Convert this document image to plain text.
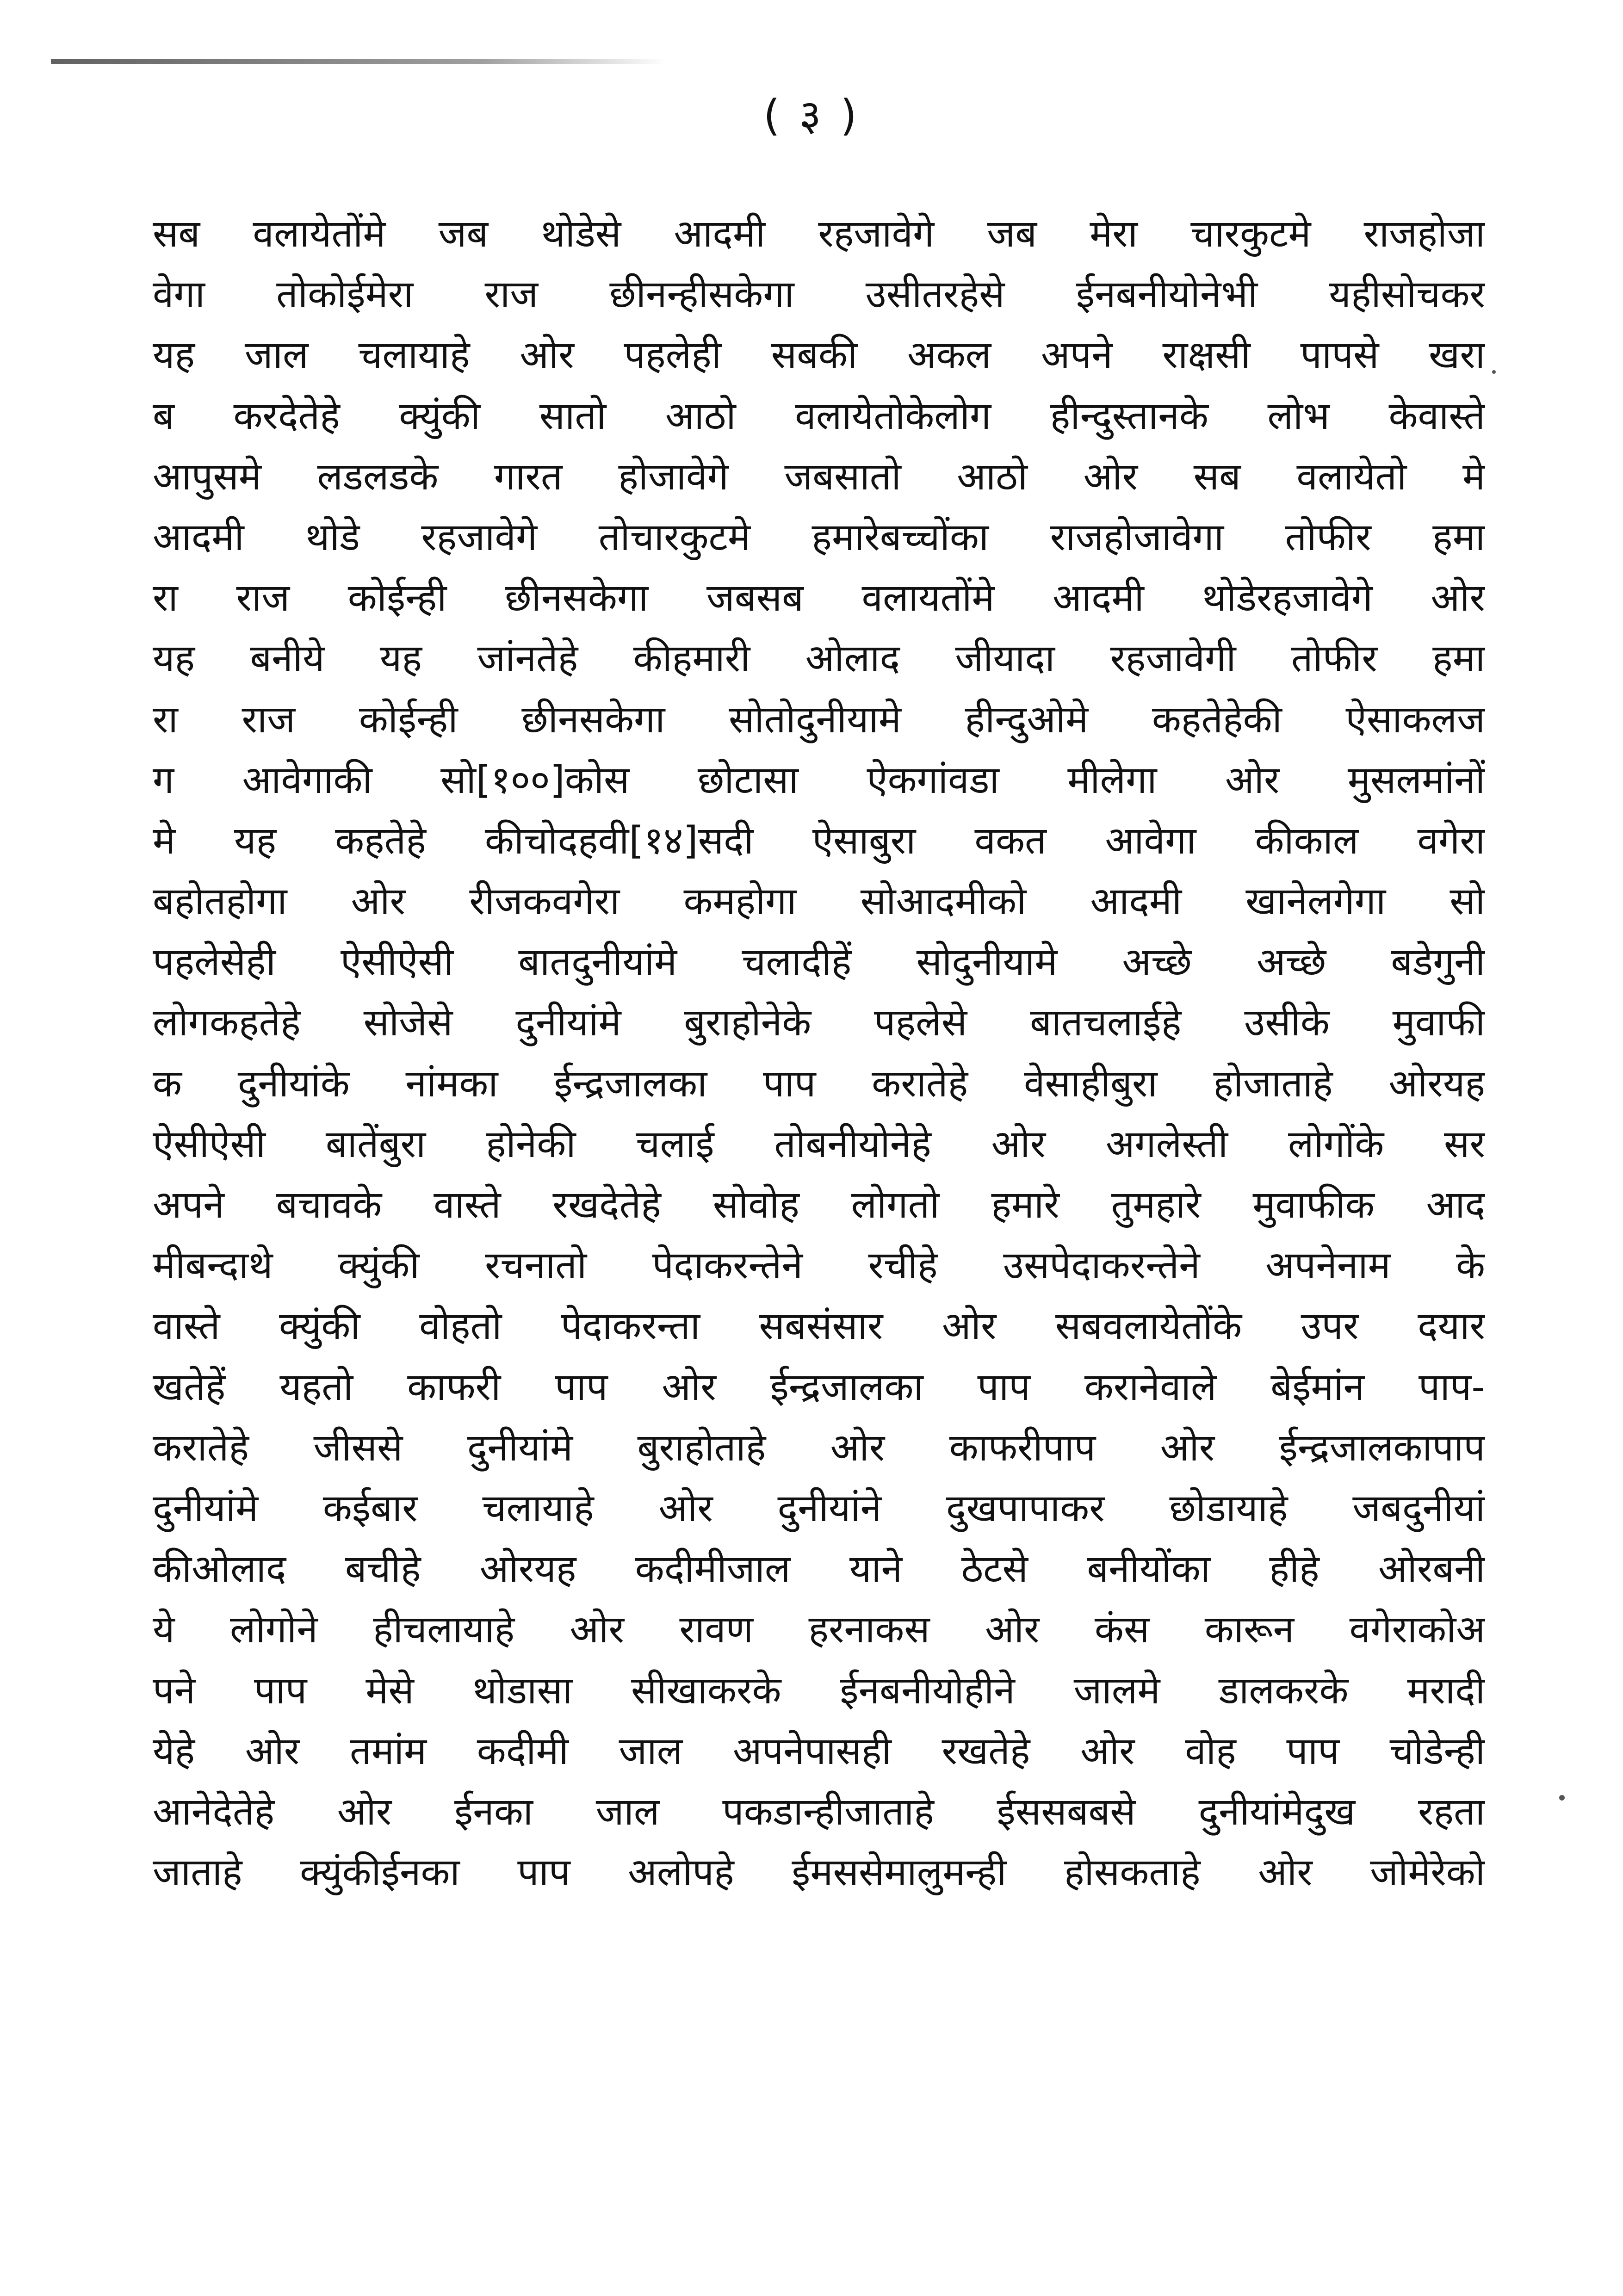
( ३ )
सब वलायेतोंमे जब थोडेसे आदमी रहजावेगे जब मेरा चारकुटमे राजहोजा
वेगा तोकोईमेरा राज छीनन्हीसकेगा उसीतरहेसे ईनबनीयोनेभी यहीसोचकर
यह जाल चलायाहे ओर पहलेही सबकी अकल अपने राक्षसी पापसे खरा
ब करदेतेहे क्युंकी सातो आठो वलायेतोकेलोग हीन्दुस्तानके लोभ केवास्ते
आपुसमे लडलडके गारत होजावेगे जबसातो आठो ओर सब वलायेतो मे
आदमी थोडे रहजावेगे तोचारकुटमे हमारेबच्चोंका राजहोजावेगा तोफीर हमा
रा राज कोईन्ही छीनसकेगा जबसब वलायतोंमे आदमी थोडेरहजावेगे ओर
यह बनीये यह जांनतेहे कीहमारी ओलाद जीयादा रहजावेगी तोफीर हमा
रा राज कोईन्ही छीनसकेगा सोतोदुनीयामे हीन्दुओमे कहतेहेकी ऐसाकलज
ग आवेगाकी सो[१००]कोस छोटासा ऐकगांवडा मीलेगा ओर मुसलमांनों
मे यह कहतेहे कीचोदहवी[१४]सदी ऐसाबुरा वकत आवेगा कीकाल वगेरा
बहोतहोगा ओर रीजकवगेरा कमहोगा सोआदमीको आदमी खानेलगेगा सो
पहलेसेही ऐसीऐसी बातदुनीयांमे चलादीहें सोदुनीयामे अच्छे अच्छे बडेगुनी
लोगकहतेहे सोजेसे दुनीयांमे बुराहोनेके पहलेसे बातचलाईहे उसीके मुवाफी
क दुनीयांके नांमका ईन्द्रजालका पाप करातेहे वेसाहीबुरा होजाताहे ओरयह
ऐसीऐसी बातेंबुरा होनेकी चलाई तोबनीयोनेहे ओर अगलेस्ती लोगोंके सर
अपने बचावके वास्ते रखदेतेहे सोवोह लोगतो हमारे तुमहारे मुवाफीक आद
मीबन्दाथे क्युंकी रचनातो पेदाकरन्तेने रचीहे उसपेदाकरन्तेने अपनेनाम के
वास्ते क्युंकी वोहतो पेदाकरन्ता सबसंसार ओर सबवलायेतोंके उपर दयार
खतेहें यहतो काफरी पाप ओर ईन्द्रजालका पाप करानेवाले बेईमांन पाप-
करातेहे जीससे दुनीयांमे बुराहोताहे ओर काफरीपाप ओर ईन्द्रजालकापाप
दुनीयांमे कईबार चलायाहे ओर दुनीयांने दुखपापाकर छोडायाहे जबदुनीयां
कीओलाद बचीहे ओरयह कदीमीजाल याने ठेटसे बनीयोंका हीहे ओरबनी
ये लोगोने हीचलायाहे ओर रावण हरनाकस ओर कंस कारून वगेराकोअ
पने पाप मेसे थोडासा सीखाकरके ईनबनीयोहीने जालमे डालकरके मरादी
येहे ओर तमांम कदीमी जाल अपनेपासही रखतेहे ओर वोह पाप चोडेन्ही
आनेदेतेहे ओर ईनका जाल पकडान्हीजाताहे ईससबबसे दुनीयांमेदुख रहता
जाताहे क्युंकीईनका पाप अलोपहे ईमससेमालुमन्ही होसकताहे ओर जोमेरेको
